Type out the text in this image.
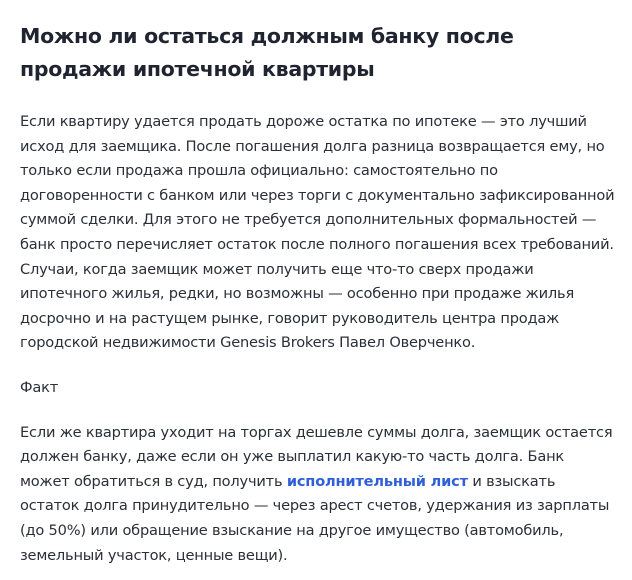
Можно ли остаться должным банку после продажи ипотечной квартиры

Если квартиру удается продать дороже остатка по ипотеке — это лучший исход для заемщика. После погашения долга разница возвращается ему, но только если продажа прошла официально: самостоятельно по договоренности с банком или через торги с документально зафиксированной суммой сделки. Для этого не требуется дополнительных формальностей — банк просто перечисляет остаток после полного погашения всех требований. Случаи, когда заемщик может получить еще что-то сверх продажи ипотечного жилья, редки, но возможны — особенно при продаже жилья досрочно и на растущем рынке, говорит руководитель центра продаж городской недвижимости Genesis Brokers Павел Оверченко.

Факт

Если же квартира уходит на торгах дешевле суммы долга, заемщик остается должен банку, даже если он уже выплатил какую-то часть долга. Банк может обратиться в суд, получить исполнительный лист и взыскать остаток долга принудительно — через арест счетов, удержания из зарплаты (до 50%) или обращение взыскание на другое имущество (автомобиль, земельный участок, ценные вещи).
